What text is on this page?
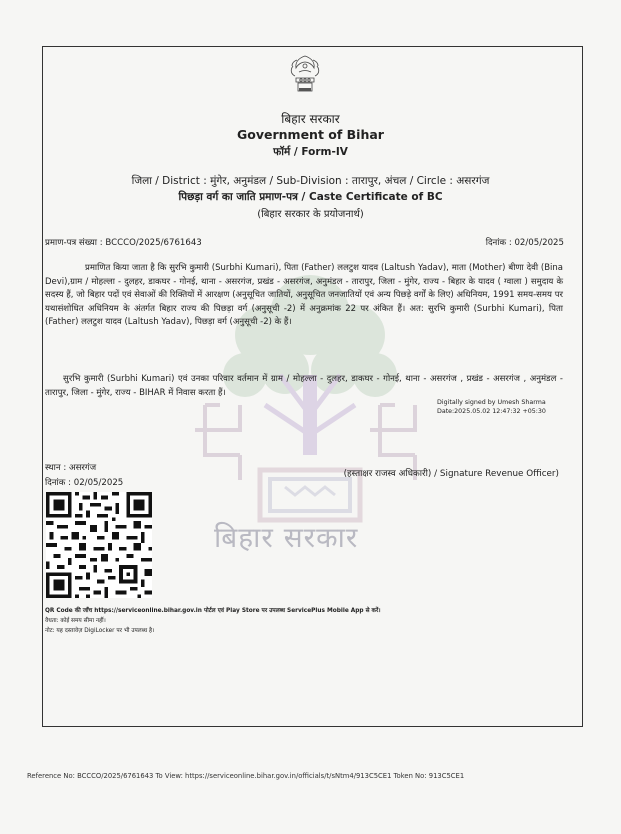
बिहार सरकार
Government of Bihar
फॉर्म / Form-IV
जिला / District : मुंगेर, अनुमंडल / Sub-Division : तारापुर, अंचल / Circle : असरगंज
पिछड़ा वर्ग का जाति प्रमाण-पत्र / Caste Certificate of BC
(बिहार सरकार के प्रयोजनार्थ)
प्रमाण-पत्र संख्या : BCCCO/2025/6761643	दिनांक : 02/05/2025
बिहार सरकार
प्रमाणित किया जाता है कि सुरभि कुमारी (Surbhi Kumari), पिता (Father) ललटुश यादव (Laltush Yadav), माता (Mother) बीणा देवी (Bina Devi),ग्राम / मोहल्ला - दुलहर, डाकघर - गोनई, थाना - असरगंज, प्रखंड - असरगंज, अनुमंडल - तारापुर, जिला - मुंगेर, राज्य - बिहार के यादव ( ग्वाला ) समुदाय के सदस्य हैं, जो बिहार पदों एवं सेवाओं की रिक्तियों में आरक्षण (अनुसूचित जातियों, अनुसूचित जनजातियों एवं अन्य पिछड़े वर्गों के लिए) अधिनियम, 1991 समय-समय पर यथासंशोधित अधिनियम के अंतर्गत बिहार राज्य की पिछड़ा वर्ग (अनुसूची -2) में अनुक्रमांक 22 पर अंकित हैं। अत: सुरभि कुमारी (Surbhi Kumari), पिता (Father) ललटुश यादव (Laltush Yadav), पिछड़ा वर्ग (अनुसूची -2) के हैं।
सुरभि कुमारी (Surbhi Kumari) एवं उनका परिवार वर्तमान में ग्राम / मोहल्ला - दुलहर, डाकघर - गोनई, थाना - असरगंज , प्रखंड - असरगंज , अनुमंडल - तारापुर, जिला - मुंगेर, राज्य - BIHAR में निवास करता हैं।
Digitally signed by Umesh Sharma
Date:2025.05.02 12:47:32 +05:30
स्थान : असरगंज
दिनांक : 02/05/2025
(हस्ताक्षर राजस्व अधिकारी) / Signature Revenue Officer)
QR Code की जाँच https://serviceonline.bihar.gov.in पोर्टल एवं Play Store पर उपलब्ध ServicePlus Mobile App से करें।
वैधता: कोई समय सीमा नहीं।
नोट: यह दस्तावेज़ DigiLocker पर भी उपलब्ध है।
Reference No: BCCCO/2025/6761643 To View: https://serviceonline.bihar.gov.in/officials/t/sNtm4/913C5CE1 Token No: 913C5CE1
